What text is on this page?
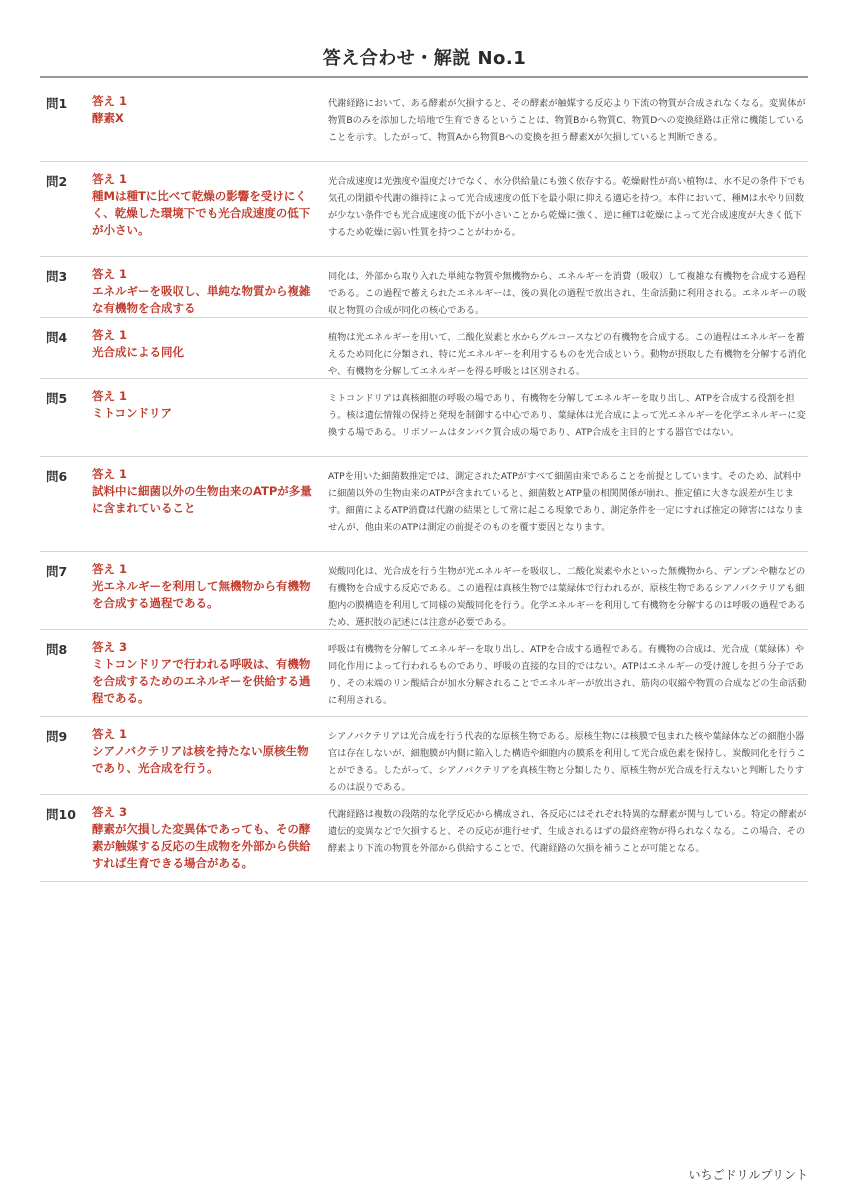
答え合わせ・解説 No.1
問1	答え 1
酵素X
代謝経路において、ある酵素が欠損すると、その酵素が触媒する反応より下流の物質が合成されなくなる。変異体が物質Bのみを添加した培地で生育できるということは、物質Bから物質C、物質Dへの変換経路は正常に機能していることを示す。したがって、物質Aから物質Bへの変換を担う酵素Xが欠損していると判断できる。
問2	答え 1
種Mは種Tに比べて乾燥の影響を受けにくく、乾燥した環境下でも光合成速度の低下が小さい。
光合成速度は光強度や温度だけでなく、水分供給量にも強く依存する。乾燥耐性が高い植物は、水不足の条件下でも気孔の閉鎖や代謝の維持によって光合成速度の低下を最小限に抑える適応を持つ。本件において、種Mは水やり回数が少ない条件でも光合成速度の低下が小さいことから乾燥に強く、逆に種Tは乾燥によって光合成速度が大きく低下するため乾燥に弱い性質を持つことがわかる。
問3	答え 1
エネルギーを吸収し、単純な物質から複雑な有機物を合成する
同化は、外部から取り入れた単純な物質や無機物から、エネルギーを消費（吸収）して複雑な有機物を合成する過程である。この過程で蓄えられたエネルギーは、後の異化の過程で放出され、生命活動に利用される。エネルギーの吸収と物質の合成が同化の核心である。
問4	答え 1
光合成による同化
植物は光エネルギーを用いて、二酸化炭素と水からグルコースなどの有機物を合成する。この過程はエネルギーを蓄えるため同化に分類され、特に光エネルギーを利用するものを光合成という。動物が摂取した有機物を分解する消化や、有機物を分解してエネルギーを得る呼吸とは区別される。
問5	答え 1
ミトコンドリア
ミトコンドリアは真核細胞の呼吸の場であり、有機物を分解してエネルギーを取り出し、ATPを合成する役割を担う。核は遺伝情報の保持と発現を制御する中心であり、葉緑体は光合成によって光エネルギーを化学エネルギーに変換する場である。リボソームはタンパク質合成の場であり、ATP合成を主目的とする器官ではない。
問6	答え 1
試料中に細菌以外の生物由来のATPが多量に含まれていること
ATPを用いた細菌数推定では、測定されたATPがすべて細菌由来であることを前提としています。そのため、試料中に細菌以外の生物由来のATPが含まれていると、細菌数とATP量の相関関係が崩れ、推定値に大きな誤差が生じます。細菌によるATP消費は代謝の結果として常に起こる現象であり、測定条件を一定にすれば推定の障害にはなりませんが、他由来のATPは測定の前提そのものを覆す要因となります。
問7	答え 1
光エネルギーを利用して無機物から有機物を合成する過程である。
炭酸同化は、光合成を行う生物が光エネルギーを吸収し、二酸化炭素や水といった無機物から、デンプンや糖などの有機物を合成する反応である。この過程は真核生物では葉緑体で行われるが、原核生物であるシアノバクテリアも細胞内の膜構造を利用して同様の炭酸同化を行う。化学エネルギーを利用して有機物を分解するのは呼吸の過程であるため、選択肢の記述には注意が必要である。
問8	答え 3
ミトコンドリアで行われる呼吸は、有機物を合成するためのエネルギーを供給する過程である。
呼吸は有機物を分解してエネルギーを取り出し、ATPを合成する過程である。有機物の合成は、光合成（葉緑体）や同化作用によって行われるものであり、呼吸の直接的な目的ではない。ATPはエネルギーの受け渡しを担う分子であり、その末端のリン酸結合が加水分解されることでエネルギーが放出され、筋肉の収縮や物質の合成などの生命活動に利用される。
問9	答え 1
シアノバクテリアは核を持たない原核生物であり、光合成を行う。
シアノバクテリアは光合成を行う代表的な原核生物である。原核生物には核膜で包まれた核や葉緑体などの細胞小器官は存在しないが、細胞膜が内側に陥入した構造や細胞内の膜系を利用して光合成色素を保持し、炭酸同化を行うことができる。したがって、シアノバクテリアを真核生物と分類したり、原核生物が光合成を行えないと判断したりするのは誤りである。
問10	答え 3
酵素が欠損した変異体であっても、その酵素が触媒する反応の生成物を外部から供給すれば生育できる場合がある。
代謝経路は複数の段階的な化学反応から構成され、各反応にはそれぞれ特異的な酵素が関与している。特定の酵素が遺伝的変異などで欠損すると、その反応が進行せず、生成されるはずの最終産物が得られなくなる。この場合、その酵素より下流の物質を外部から供給することで、代謝経路の欠損を補うことが可能となる。
いちごドリルプリント
